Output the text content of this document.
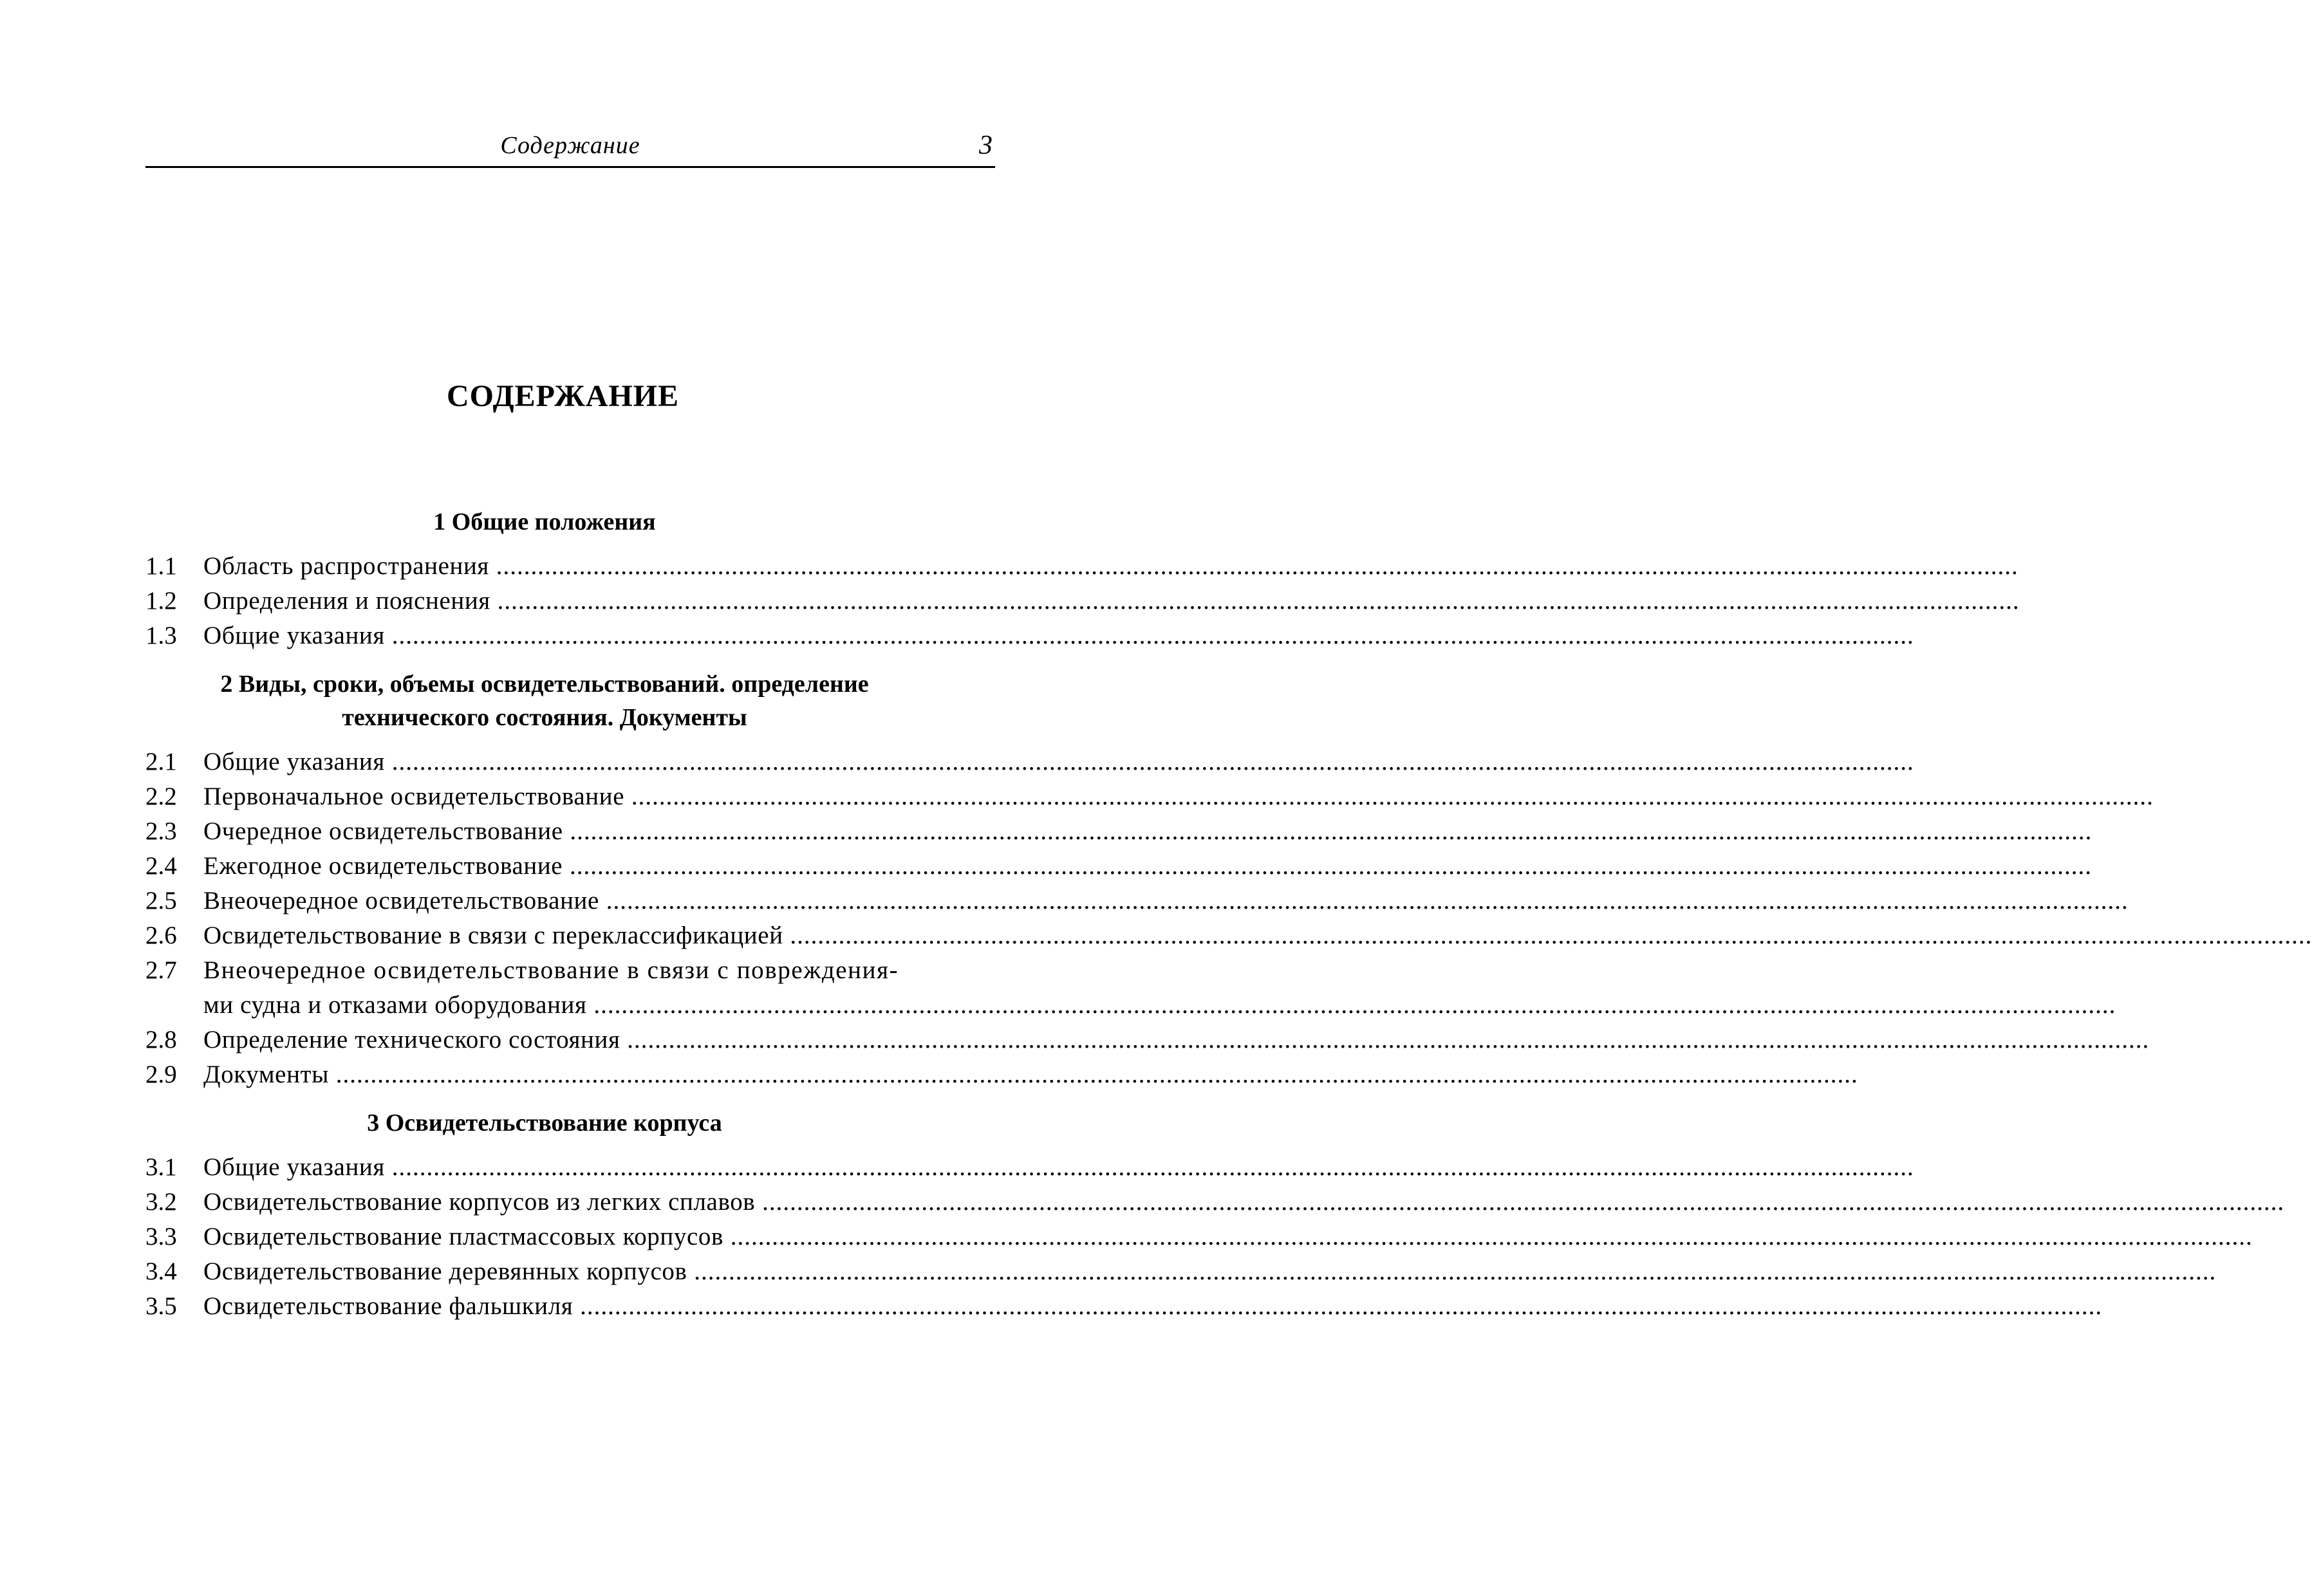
Содержание	3
СОДЕРЖАНИЕ
1 Общие положения
1.1	Область распространения ............................................................................................................................................................................................................................
1.2	Определения и пояснения ............................................................................................................................................................................................................................
1.3	Общие указания ............................................................................................................................................................................................................................
2 Виды, сроки, объемы освидетельствований. определение
технического состояния. Документы
2.1	Общие указания ............................................................................................................................................................................................................................
2.2	Первоначальное освидетельствование ............................................................................................................................................................................................................................
2.3	Очередное освидетельствование ............................................................................................................................................................................................................................
2.4	Ежегодное освидетельствование ............................................................................................................................................................................................................................
2.5	Внеочередное освидетельствование ............................................................................................................................................................................................................................
2.6	Освидетельствование в связи с переклассификацией ............................................................................................................................................................................................................................
2.7	Внеочередное освидетельствование в связи с повреждения-
ми судна и отказами оборудования ............................................................................................................................................................................................................................
2.8	Определение технического состояния ............................................................................................................................................................................................................................
2.9	Документы ............................................................................................................................................................................................................................
3 Освидетельствование корпуса
3.1	Общие указания ............................................................................................................................................................................................................................
3.2	Освидетельствование корпусов из легких сплавов ............................................................................................................................................................................................................................
3.3	Освидетельствование пластмассовых корпусов ............................................................................................................................................................................................................................
3.4	Освидетельствование деревянных корпусов ............................................................................................................................................................................................................................
3.5	Освидетельствование фальшкиля ............................................................................................................................................................................................................................
